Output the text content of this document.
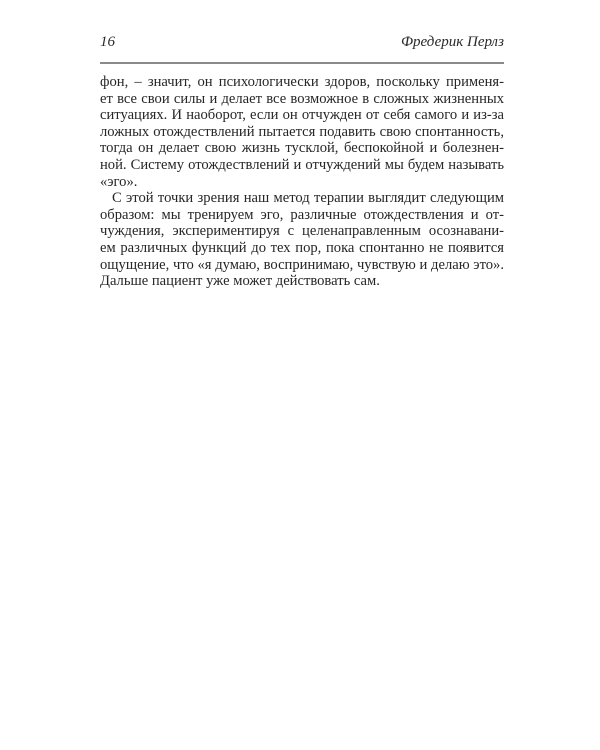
16	Фредерик Перлз
фон, – значит, он психологически здоров, поскольку применя-
ет все свои силы и делает все возможное в сложных жизненных
ситуациях. И наоборот, если он отчужден от себя самого и из-за
ложных отождествлений пытается подавить свою спонтанность,
тогда он делает свою жизнь тусклой, беспокойной и болезнен-
ной. Систему отождествлений и отчуждений мы будем называть
«эго».
С этой точки зрения наш метод терапии выглядит следующим
образом: мы тренируем эго, различные отождествления и от-
чуждения, экспериментируя с целенаправленным осознавани-
ем различных функций до тех пор, пока спонтанно не появится
ощущение, что «я думаю, воспринимаю, чувствую и делаю это».
Дальше пациент уже может действовать сам.
